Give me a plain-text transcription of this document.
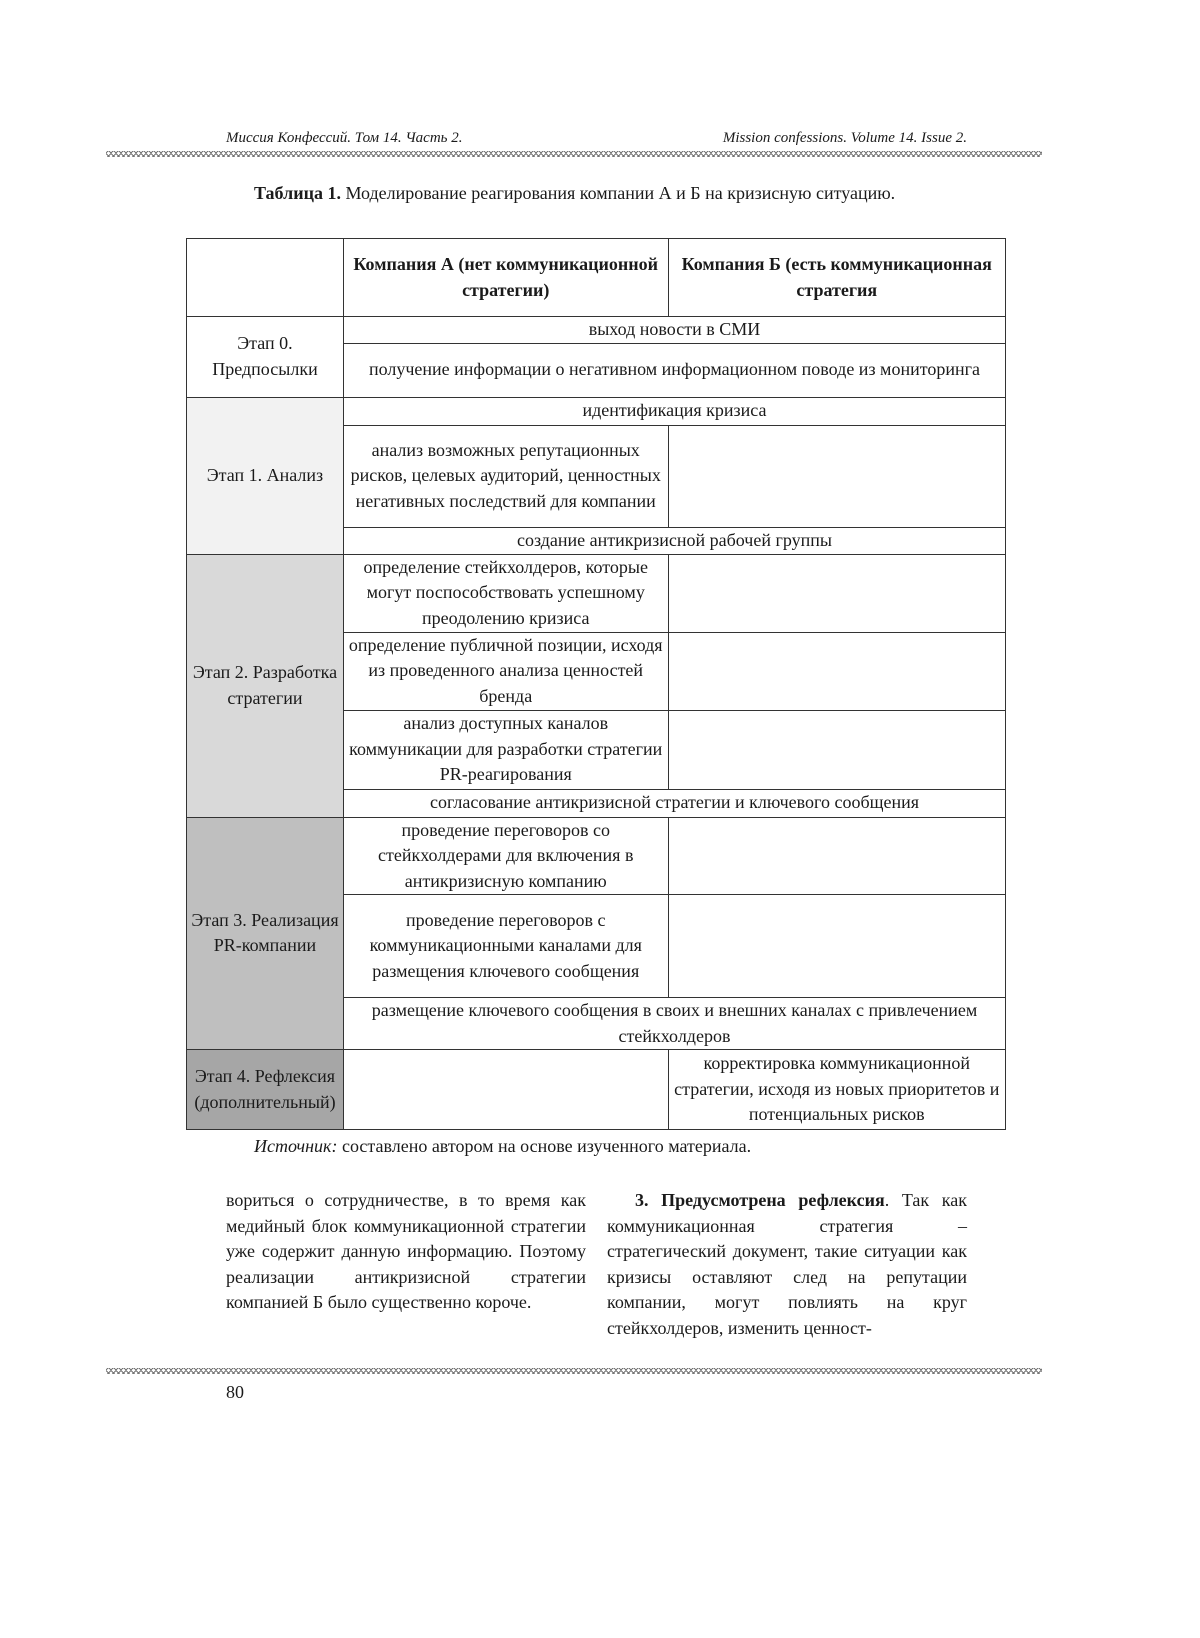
Миссия Конфессий. Том 14. Часть 2.	Mission confessions. Volume 14. Issue 2.

Таблица 1. Моделирование реагирования компании А и Б на кризисную ситуацию.

	Компания А (нет коммуникационной стратегии)	Компания Б (есть коммуникационная стратегия
Этап 0. Предпосылки	выход новости в СМИ	
	получение информации о негативном информационном поводе из мониторинга	
Этап 1. Анализ	идентификация кризиса	
	анализ возможных репутационных рисков, целевых аудиторий, ценностных негативных последствий для компании	
	создание антикризисной рабочей группы	
Этап 2. Разработка стратегии	определение стейкхолдеров, которые могут поспособствовать успешному преодолению кризиса	
	определение публичной позиции, исходя из проведенного анализа ценностей бренда	
	анализ доступных каналов коммуникации для разработки стратегии PR-реагирования	
	согласование антикризисной стратегии и ключевого сообщения	
Этап 3. Реализация PR-компании	проведение переговоров со стейкхолдерами для включения в антикризисную компанию	
	проведение переговоров с коммуникационными каналами для размещения ключевого сообщения	
	размещение ключевого сообщения в своих и внешних каналах с привлечением стейкхолдеров	
Этап 4. Рефлексия (дополнительный)		корректировка коммуникационной стратегии, исходя из новых приоритетов и потенциальных рисков

Источник: составлено автором на основе изученного материала.

вориться о сотрудничестве, в то время как медийный блок коммуникационной стратегии уже содержит данную информацию. Поэтому реализации антикризисной стратегии компанией Б было существенно короче.

3. Предусмотрена рефлексия. Так как коммуникационная стратегия – стратегический документ, такие ситуации как кризисы оставляют след на репутации компании, могут повлиять на круг стейкхолдеров, изменить ценност-

80
